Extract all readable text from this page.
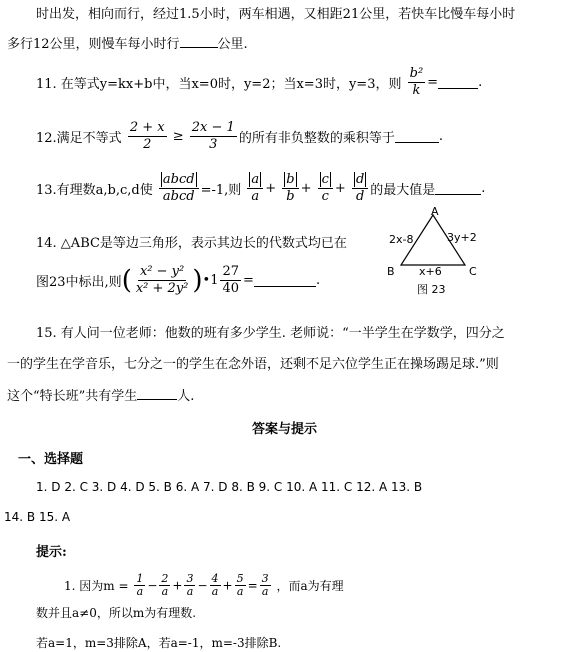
时出发，相向而行，经过1.5小时，两车相遇，又相距21公里，若快车比慢车每小时
多行12公里，则慢车每小时行	公里.
11. 在等式y=kx+b中，当x=0时，y=2；当x=3时，y=3，则 $\frac{\text{b²}}{k}$ =	.
12.满足不等式 $\frac{2 + x}{2} \ge \frac{2x - 1}{3}$ 的所有非负整数的乘积等于	.
13.有理数a,b,c,d使 $\frac{\text{abcd}}{\text{abcd}} =-1$,则 $\frac{a}{a} + \frac{b}{b} + \frac{c}{c} + \frac{d}{d}$ 的最大值是	.
14. △ABC是等边三角形，表示其边长的代数式均已在
图23中标出,则( $\frac{\text{x² − y²}}{\text{x² + 2y²}}$ )•1 $\frac{27}{40}$ =	.
A
B	C
2x-8	3y+2
x+6
图 23
15. 有人问一位老师：他数的班有多少学生. 老师说：“一半学生在学数学，四分之
一的学生在学音乐，七分之一的学生在念外语，还剩不足六位学生正在操场踢足球.”则
这个“特长班”共有学生	人.
答案与提示
一、选择题
1. D 2. C 3. D 4. D 5. B 6. A 7. D 8. B 9. C 10. A 11. C 12. A 13. B
14. B 15. A
提示:
1. 因为$m = \frac{1}{a} - \frac{2}{a} + \frac{3}{a} - \frac{4}{a} + \frac{5}{a} = \frac{3}{a}$ ，而a为有理
数并且a≠0，所以m为有理数.
若a=1，m=3排除A，若a=-1，m=-3排除B.
